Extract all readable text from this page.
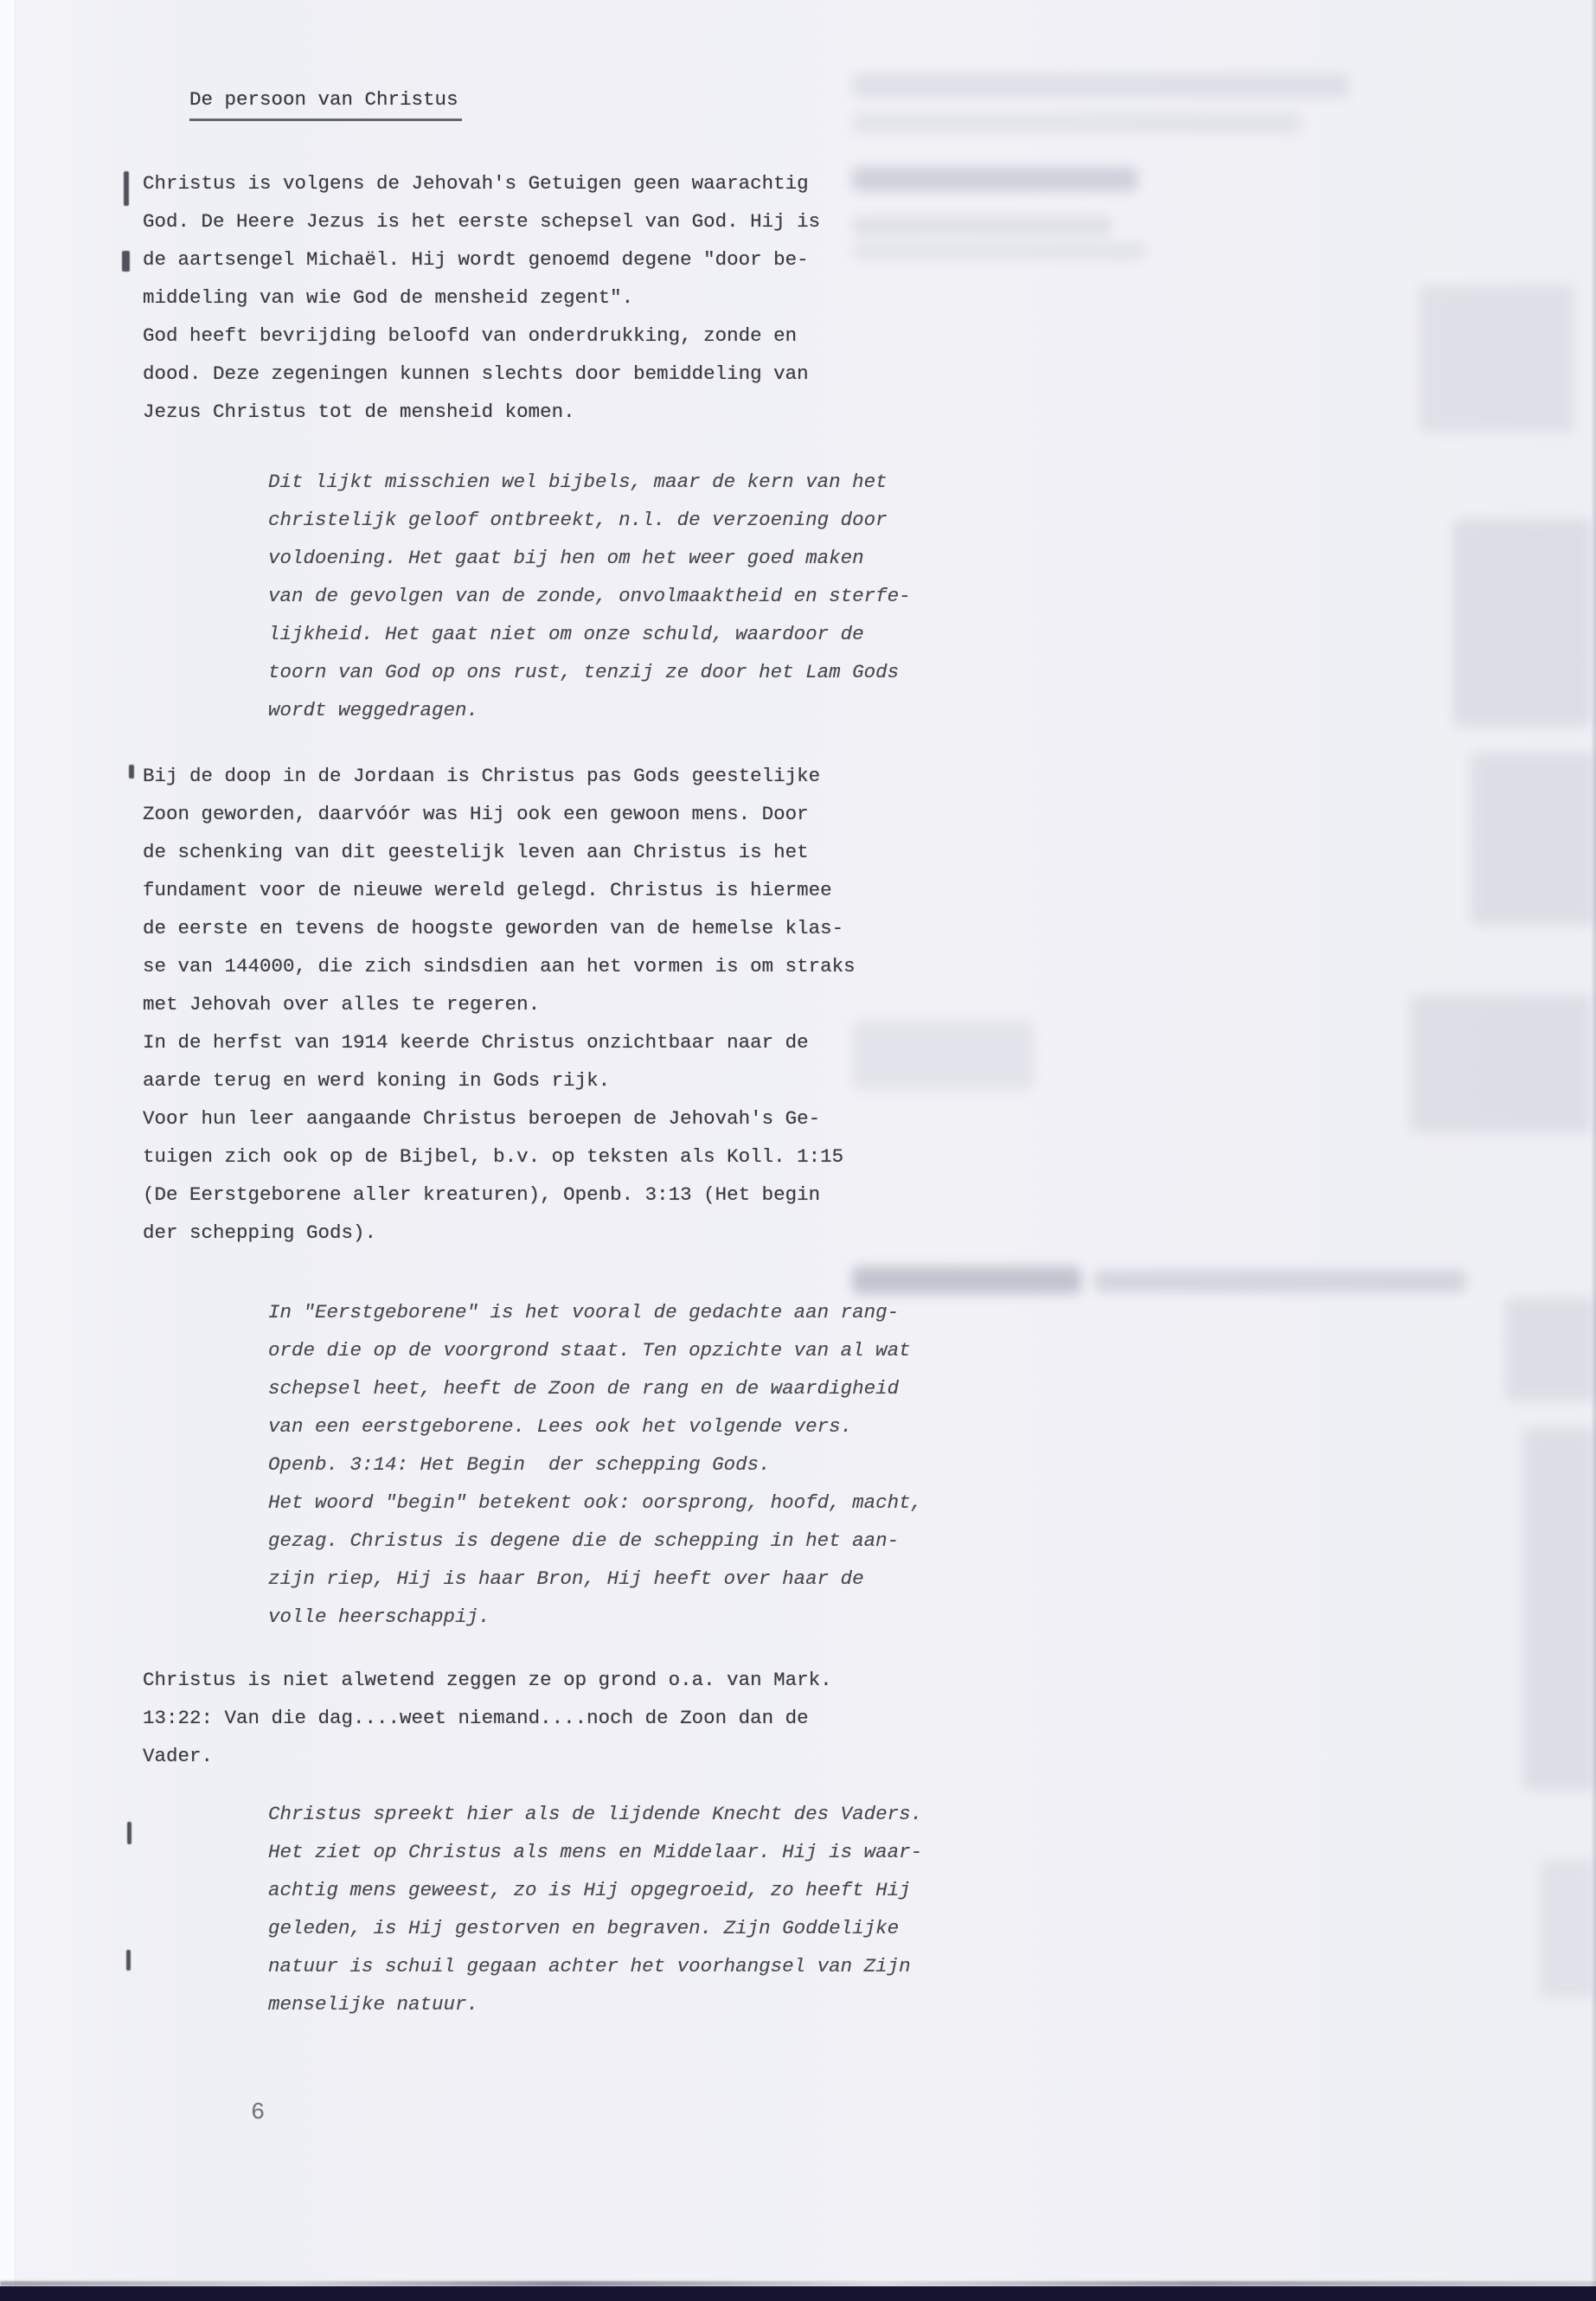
De persoon van Christus

Christus is volgens de Jehovah's Getuigen geen waarachtig
God. De Heere Jezus is het eerste schepsel van God. Hij is
de aartsengel Michaël. Hij wordt genoemd degene "door be-
middeling van wie God de mensheid zegent".
God heeft bevrijding beloofd van onderdrukking, zonde en
dood. Deze zegeningen kunnen slechts door bemiddeling van
Jezus Christus tot de mensheid komen.
Dit lijkt misschien wel bijbels, maar de kern van het
christelijk geloof ontbreekt, n.l. de verzoening door
voldoening. Het gaat bij hen om het weer goed maken
van de gevolgen van de zonde, onvolmaaktheid en sterfe-
lijkheid. Het gaat niet om onze schuld, waardoor de
toorn van God op ons rust, tenzij ze door het Lam Gods
wordt weggedragen.
Bij de doop in de Jordaan is Christus pas Gods geestelijke
Zoon geworden, daarvóór was Hij ook een gewoon mens. Door
de schenking van dit geestelijk leven aan Christus is het
fundament voor de nieuwe wereld gelegd. Christus is hiermee
de eerste en tevens de hoogste geworden van de hemelse klas-
se van 144000, die zich sindsdien aan het vormen is om straks
met Jehovah over alles te regeren.
In de herfst van 1914 keerde Christus onzichtbaar naar de
aarde terug en werd koning in Gods rijk.
Voor hun leer aangaande Christus beroepen de Jehovah's Ge-
tuigen zich ook op de Bijbel, b.v. op teksten als Koll. 1:15
(De Eerstgeborene aller kreaturen), Openb. 3:13 (Het begin
der schepping Gods).
In "Eerstgeborene" is het vooral de gedachte aan rang-
orde die op de voorgrond staat. Ten opzichte van al wat
schepsel heet, heeft de Zoon de rang en de waardigheid
van een eerstgeborene. Lees ook het volgende vers.
Openb. 3:14: Het Begin  der schepping Gods.
Het woord "begin" betekent ook: oorsprong, hoofd, macht,
gezag. Christus is degene die de schepping in het aan-
zijn riep, Hij is haar Bron, Hij heeft over haar de
volle heerschappij.
Christus is niet alwetend zeggen ze op grond o.a. van Mark.
13:22: Van die dag....weet niemand....noch de Zoon dan de
Vader.
Christus spreekt hier als de lijdende Knecht des Vaders.
Het ziet op Christus als mens en Middelaar. Hij is waar-
achtig mens geweest, zo is Hij opgegroeid, zo heeft Hij
geleden, is Hij gestorven en begraven. Zijn Goddelijke
natuur is schuil gegaan achter het voorhangsel van Zijn
menselijke natuur.
6
